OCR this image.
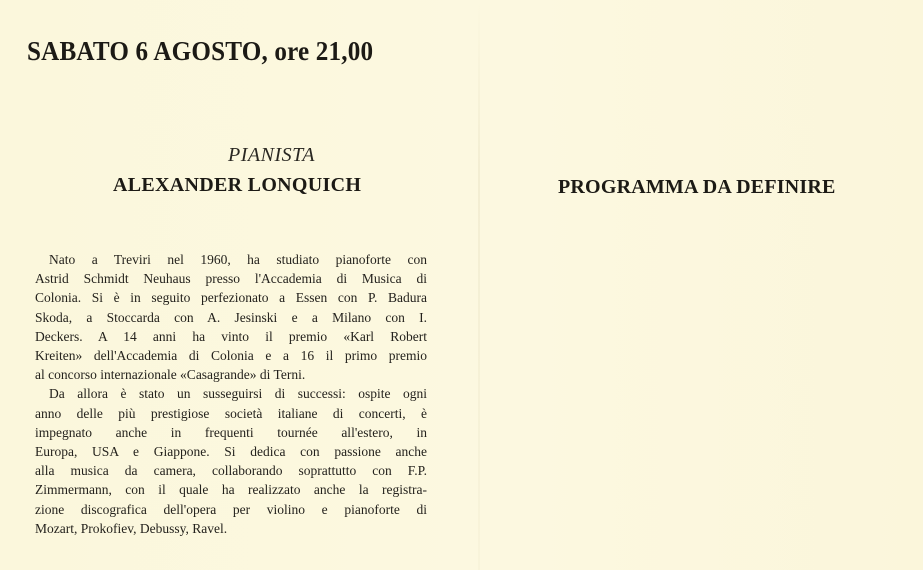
SABATO 6 AGOSTO, ore 21,00
PIANISTA
ALEXANDER LONQUICH	PROGRAMMA DA DEFINIRE
Nato a Treviri nel 1960, ha studiato pianoforte con
Astrid Schmidt Neuhaus presso l'Accademia di Musica di
Colonia. Si è in seguito perfezionato a Essen con P. Badura
Skoda, a Stoccarda con A. Jesinski e a Milano con I.
Deckers. A 14 anni ha vinto il premio «Karl Robert
Kreiten» dell'Accademia di Colonia e a 16 il primo premio
al concorso internazionale «Casagrande» di Terni.
Da allora è stato un susseguirsi di successi: ospite ogni
anno delle più prestigiose società italiane di concerti, è
impegnato anche in frequenti tournée all'estero, in
Europa, USA e Giappone. Si dedica con passione anche
alla musica da camera, collaborando soprattutto con F.P.
Zimmermann, con il quale ha realizzato anche la registra-
zione discografica dell'opera per violino e pianoforte di
Mozart, Prokofiev, Debussy, Ravel.
